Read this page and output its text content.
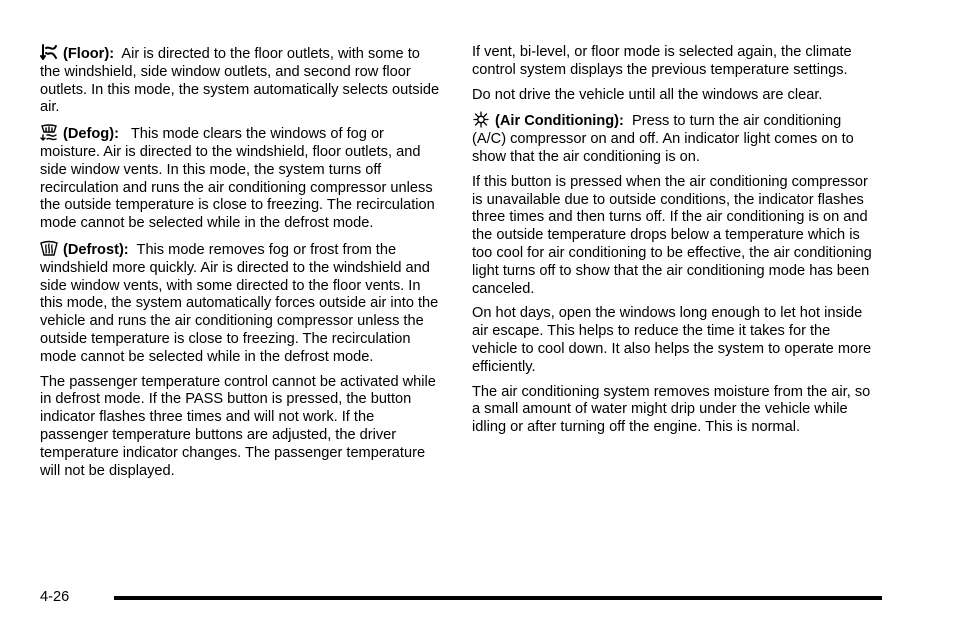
(Floor): Air is directed to the floor outlets, with some to the windshield, side window outlets, and second row floor outlets. In this mode, the system automatically selects outside air.

(Defog): This mode clears the windows of fog or moisture. Air is directed to the windshield, floor outlets, and side window vents. In this mode, the system turns off recirculation and runs the air conditioning compressor unless the outside temperature is close to freezing. The recirculation mode cannot be selected while in the defrost mode.

(Defrost): This mode removes fog or frost from the windshield more quickly. Air is directed to the windshield and side window vents, with some directed to the floor vents. In this mode, the system automatically forces outside air into the vehicle and runs the air conditioning compressor unless the outside temperature is close to freezing. The recirculation mode cannot be selected while in the defrost mode.

The passenger temperature control cannot be activated while in defrost mode. If the PASS button is pressed, the button indicator flashes three times and will not work. If the passenger temperature buttons are adjusted, the driver temperature indicator changes. The passenger temperature will not be displayed.

If vent, bi-level, or floor mode is selected again, the climate control system displays the previous temperature settings.

Do not drive the vehicle until all the windows are clear.

(Air Conditioning): Press to turn the air conditioning (A/C) compressor on and off. An indicator light comes on to show that the air conditioning is on.

If this button is pressed when the air conditioning compressor is unavailable due to outside conditions, the indicator flashes three times and then turns off. If the air conditioning is on and the outside temperature drops below a temperature which is too cool for air conditioning to be effective, the air conditioning light turns off to show that the air conditioning mode has been canceled.

On hot days, open the windows long enough to let hot inside air escape. This helps to reduce the time it takes for the vehicle to cool down. It also helps the system to operate more efficiently.

The air conditioning system removes moisture from the air, so a small amount of water might drip under the vehicle while idling or after turning off the engine. This is normal.

4-26
